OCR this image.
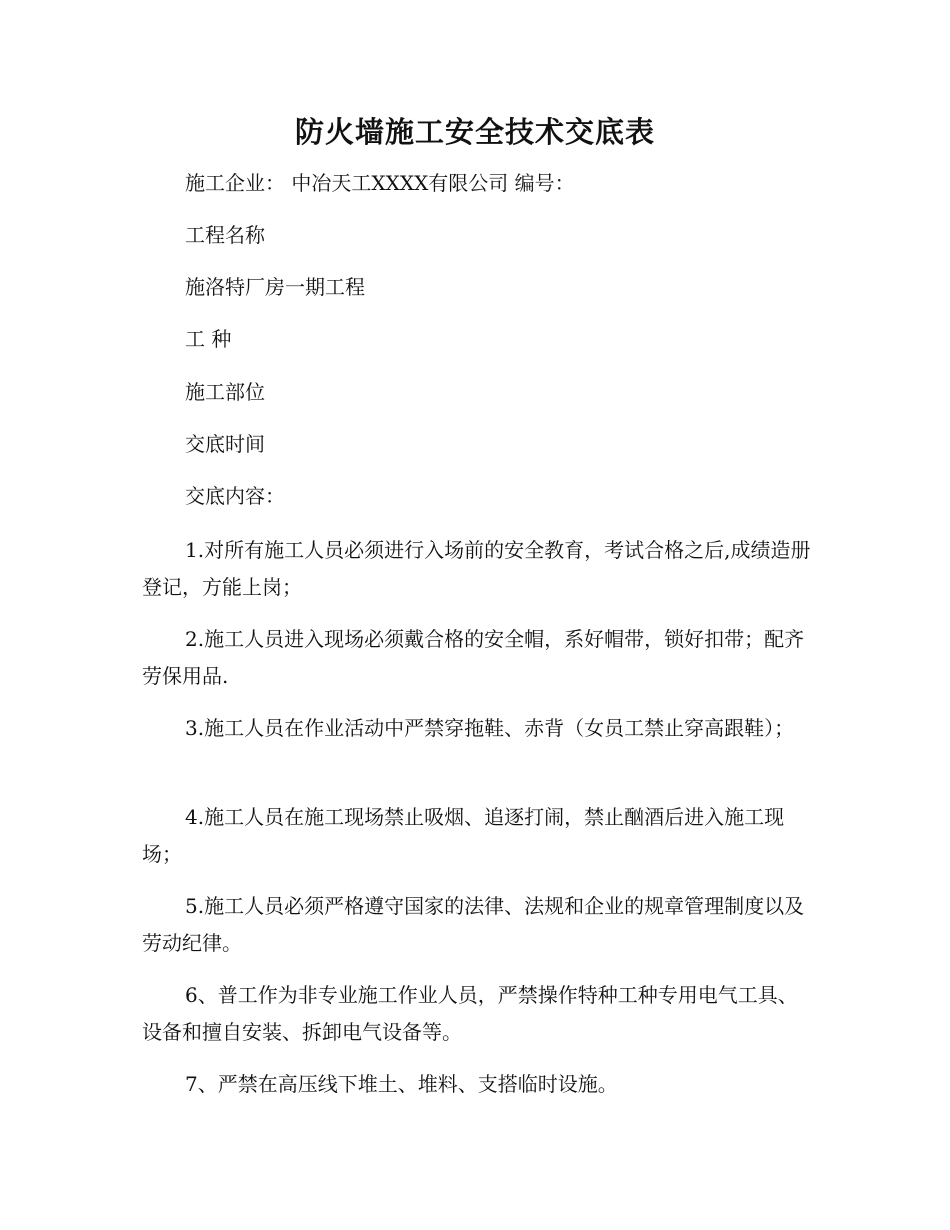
防火墙施工安全技术交底表

施工企业： 中冶天工XXXX有限公司 编号：

工程名称

施洛特厂房一期工程

工 种

施工部位

交底时间

交底内容：

1.对所有施工人员必须进行入场前的安全教育，考试合格之后,成绩造册登记，方能上岗；

2.施工人员进入现场必须戴合格的安全帽，系好帽带，锁好扣带；配齐劳保用品.

3.施工人员在作业活动中严禁穿拖鞋、赤背（女员工禁止穿高跟鞋）；

4.施工人员在施工现场禁止吸烟、追逐打闹，禁止酗酒后进入施工现场；

5.施工人员必须严格遵守国家的法律、法规和企业的规章管理制度以及劳动纪律。

6、普工作为非专业施工作业人员，严禁操作特种工种专用电气工具、设备和擅自安装、拆卸电气设备等。

7、严禁在高压线下堆土、堆料、支搭临时设施。
